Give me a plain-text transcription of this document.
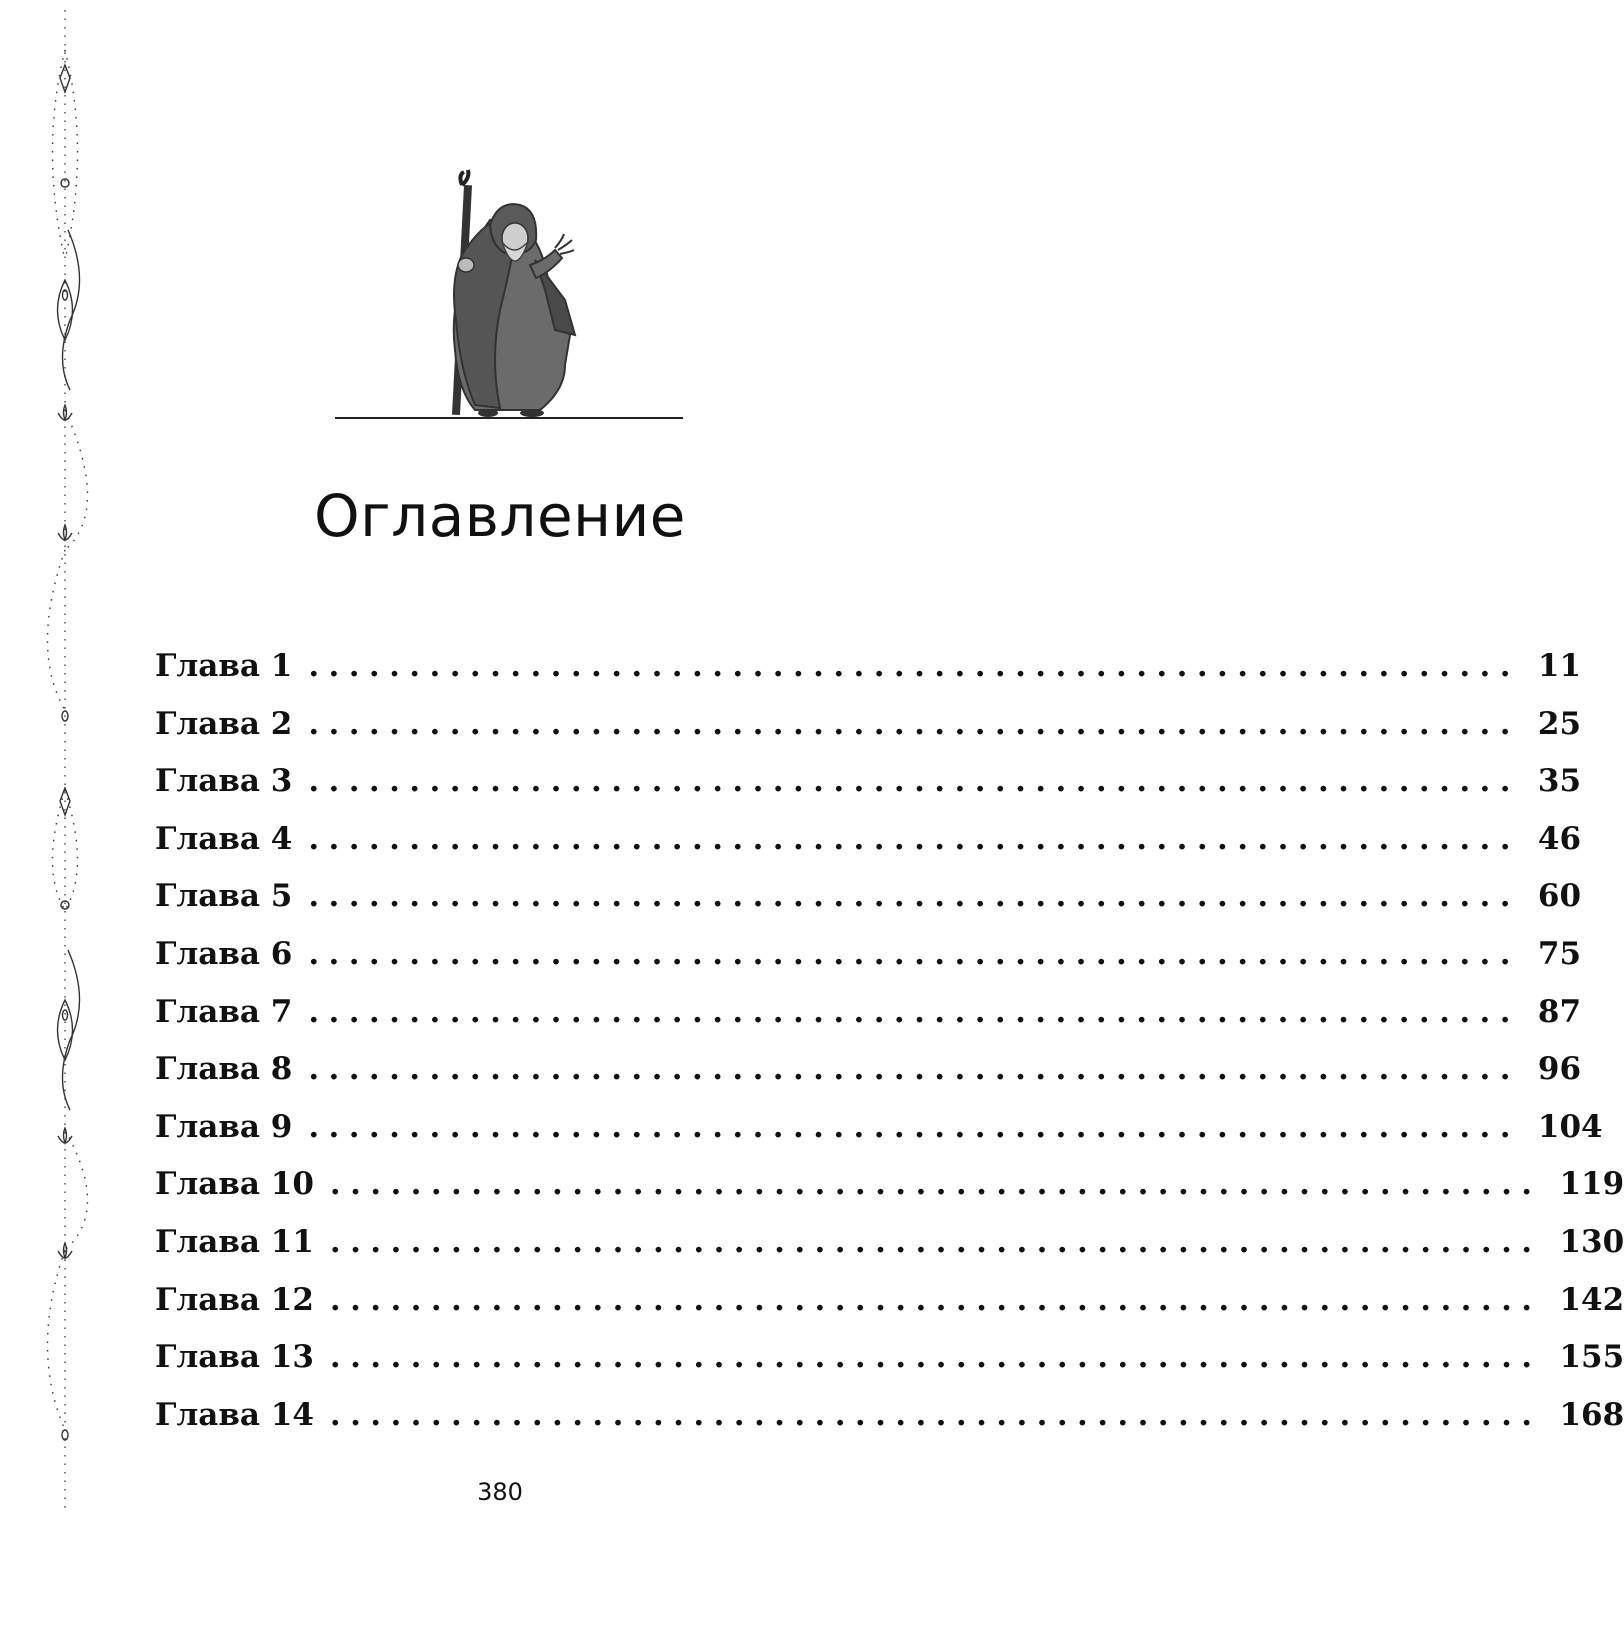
Оглавление
Глава 1 ............................................................ 11
Глава 2 ............................................................ 25
Глава 3 ............................................................ 35
Глава 4 ............................................................ 46
Глава 5 ............................................................ 60
Глава 6 ............................................................ 75
Глава 7 ............................................................ 87
Глава 8 ............................................................ 96
Глава 9 ............................................................ 104
Глава 10 ............................................................ 119
Глава 11 ............................................................ 130
Глава 12 ............................................................ 142
Глава 13 ............................................................ 155
Глава 14 ............................................................ 168
380
